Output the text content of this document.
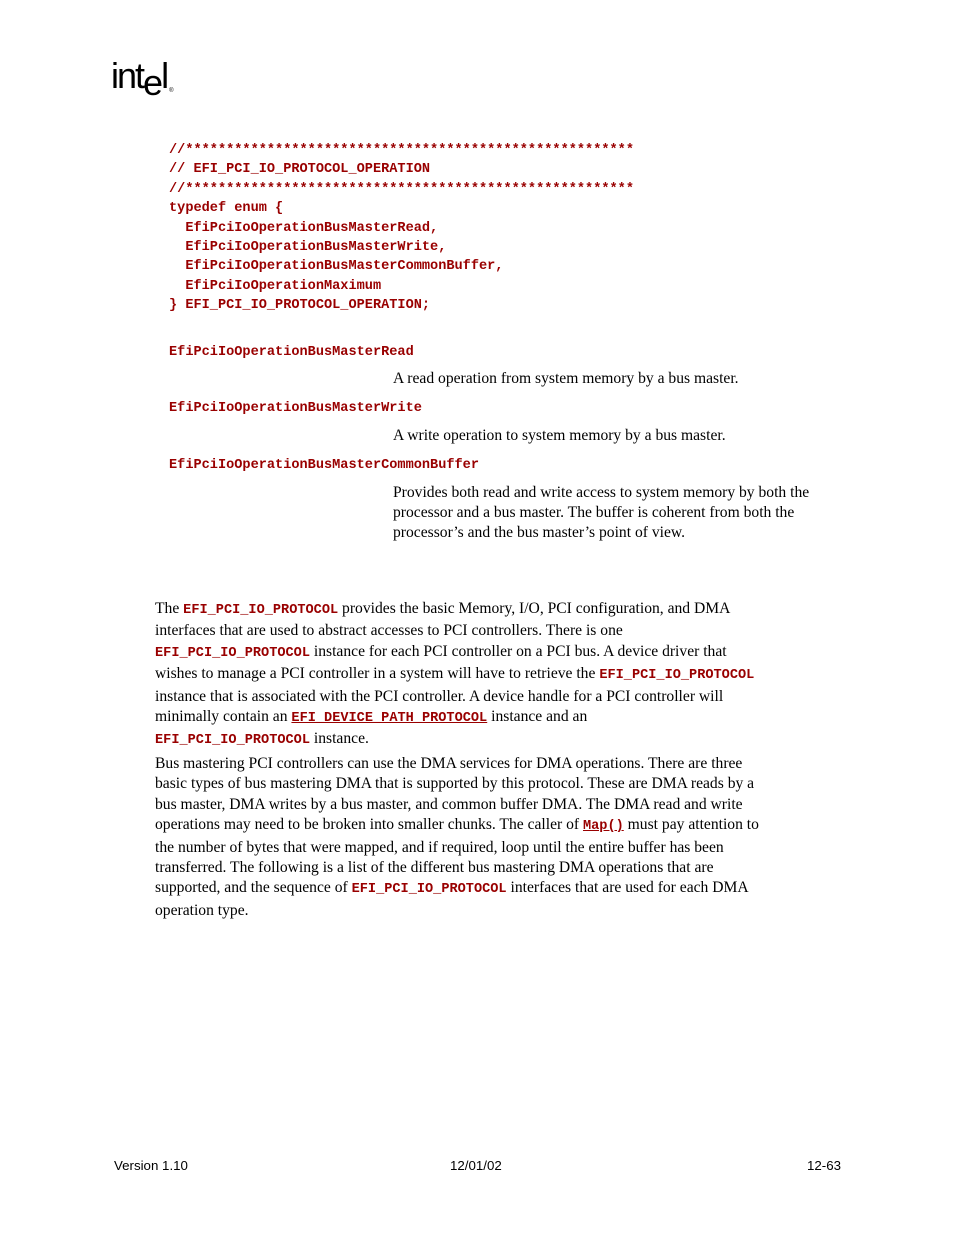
intel ®
//*******************************************************
// EFI_PCI_IO_PROTOCOL_OPERATION
//*******************************************************
typedef enum {
EfiPciIoOperationBusMasterRead,
EfiPciIoOperationBusMasterWrite,
EfiPciIoOperationBusMasterCommonBuffer,
EfiPciIoOperationMaximum
} EFI_PCI_IO_PROTOCOL_OPERATION;
EfiPciIoOperationBusMasterRead
A read operation from system memory by a bus master.
EfiPciIoOperationBusMasterWrite
A write operation to system memory by a bus master.
EfiPciIoOperationBusMasterCommonBuffer
Provides both read and write access to system memory by both the processor and a bus master. The buffer is coherent from both the processor’s and the bus master’s point of view.
The EFI_PCI_IO_PROTOCOL provides the basic Memory, I/O, PCI configuration, and DMA
interfaces that are used to abstract accesses to PCI controllers. There is one
EFI_PCI_IO_PROTOCOL instance for each PCI controller on a PCI bus. A device driver that
wishes to manage a PCI controller in a system will have to retrieve the EFI_PCI_IO_PROTOCOL
instance that is associated with the PCI controller. A device handle for a PCI controller will
minimally contain an EFI_DEVICE_PATH_PROTOCOL instance and an
EFI_PCI_IO_PROTOCOL instance.
Bus mastering PCI controllers can use the DMA services for DMA operations. There are three
basic types of bus mastering DMA that is supported by this protocol. These are DMA reads by a
bus master, DMA writes by a bus master, and common buffer DMA. The DMA read and write
operations may need to be broken into smaller chunks. The caller of Map() must pay attention to
the number of bytes that were mapped, and if required, loop until the entire buffer has been
transferred. The following is a list of the different bus mastering DMA operations that are
supported, and the sequence of EFI_PCI_IO_PROTOCOL interfaces that are used for each DMA
operation type.
Version 1.10	12/01/02	12-63
